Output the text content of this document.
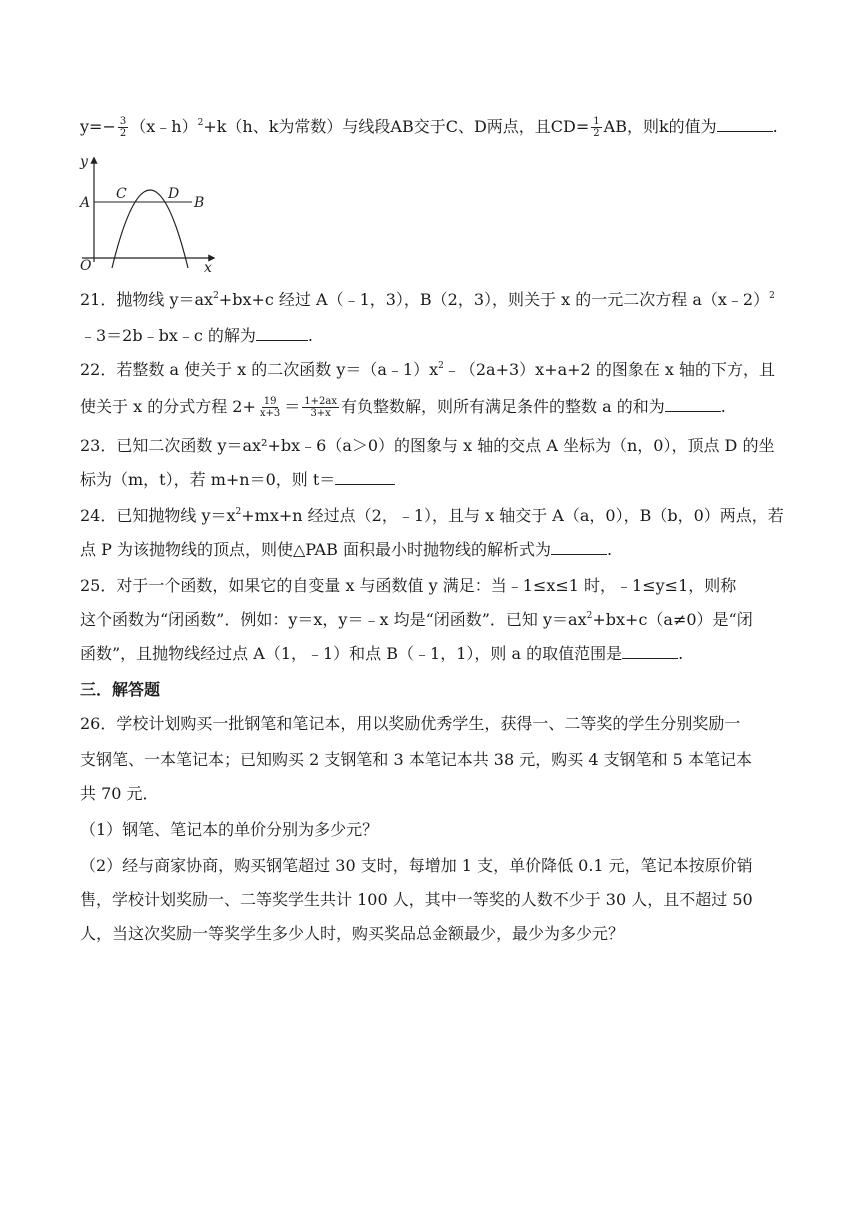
$y=- \frac{3}{2}$ （x﹣h）$^2$+k（h、k为常数）与线段AB交于C、D两点，且$CD= \frac{1}{2}$ AB，则k的值为	.
y
x
O
A	B
C	D
21．抛物线 $y=ax^2+bx+c$ 经过 A（﹣1，3），B（2，3），则关于 x 的一元二次方程 a（x﹣2）$^2$
﹣3＝2b﹣bx﹣c 的解为	.
22．若整数 a 使关于 x 的二次函数 $y=(a﹣1)x^2﹣(2a+3)x+a+2$ 的图象在 x 轴的下方，且
使关于 x 的分式方程 $2+ \frac{19}{x+3} = \frac{1+2ax}{3+x}$ 有负整数解，则所有满足条件的整数 a 的和为	.
23．已知二次函数 y＝ax²+bx﹣6（a＞0）的图象与 x 轴的交点 A 坐标为（n，0），顶点 D 的坐
标为（m，t），若 m+n＝0，则 t＝
24．已知抛物线 $y=x^2+mx+n$ 经过点（2，﹣1），且与 x 轴交于 A（a，0），B（b，0）两点，若
点 P 为该抛物线的顶点，则使△PAB 面积最小时抛物线的解析式为	.
25．对于一个函数，如果它的自变量 x 与函数值 y 满足：当﹣1≤x≤1 时，﹣1≤y≤1，则称
这个函数为“闭函数”．例如：y＝x，y＝﹣x 均是“闭函数”．已知 $y=ax^2+bx+c(a\ne 0)$是“闭
函数”，且抛物线经过点 A（1，﹣1）和点 B（﹣1，1），则 a 的取值范围是	.
三．解答题
26．学校计划购买一批钢笔和笔记本，用以奖励优秀学生，获得一、二等奖的学生分别奖励一
支钢笔、一本笔记本；已知购买 2 支钢笔和 3 本笔记本共 38 元，购买 4 支钢笔和 5 本笔记本
共 70 元．
（1）钢笔、笔记本的单价分别为多少元？
（2）经与商家协商，购买钢笔超过 30 支时，每增加 1 支，单价降低 0.1 元，笔记本按原价销
售，学校计划奖励一、二等奖学生共计 100 人，其中一等奖的人数不少于 30 人，且不超过 50
人，当这次奖励一等奖学生多少人时，购买奖品总金额最少，最少为多少元？
